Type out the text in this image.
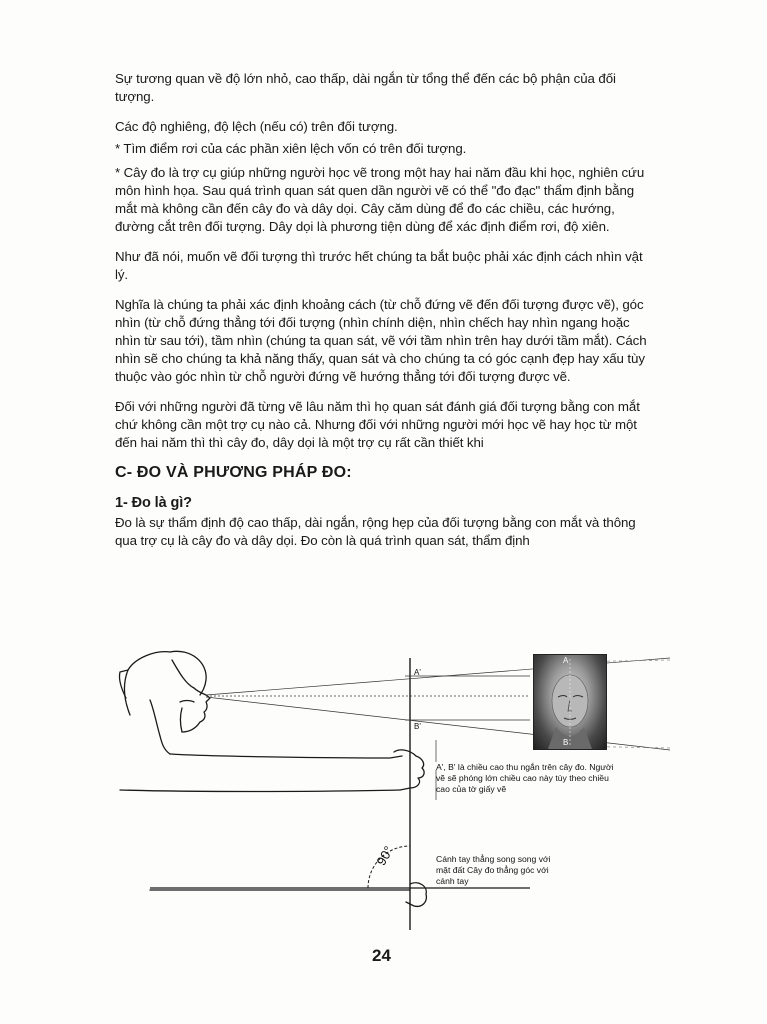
Sự tương quan về độ lớn nhỏ, cao thấp, dài ngắn từ tổng thể đến các bộ phận của đối tượng.

Các độ nghiêng, độ lệch (nếu có) trên đối tượng.

* Tìm điểm rơi của các phần xiên lệch vốn có trên đối tượng.

* Cây đo là trợ cụ giúp những người học vẽ trong một hay hai năm đầu khi học, nghiên cứu môn hình họa. Sau quá trình quan sát quen dần người vẽ có thể "đo đạc" thẩm định bằng mắt mà không cần đến cây đo và dây dọi. Cây căm dùng để đo các chiều, các hướng, đường cắt trên đối tượng. Dây dọi là phương tiện dùng để xác định điểm rơi, độ xiên.

Như đã nói, muốn vẽ đối tượng thì trước hết chúng ta bắt buộc phải xác định cách nhìn vật lý.

Nghĩa là chúng ta phải xác định khoảng cách (từ chỗ đứng vẽ đến đối tượng được vẽ), góc nhìn (từ chỗ đứng thẳng tới đối tượng (nhìn chính diện, nhìn chếch hay nhìn ngang hoặc nhìn từ sau tới), tầm nhìn (chúng ta quan sát, vẽ với tầm nhìn trên hay dưới tầm mắt). Cách nhìn sẽ cho chúng ta khả năng thấy, quan sát và cho chúng ta có góc cạnh đẹp hay xấu tùy thuộc vào góc nhìn từ chỗ người đứng vẽ hướng thẳng tới đối tượng được vẽ.

Đối với những người đã từng vẽ lâu năm thì họ quan sát đánh giá đối tượng bằng con mắt chứ không cần một trợ cụ nào cả. Nhưng đối với những người mới học vẽ hay học từ một đến hai năm thì thì cây đo, dây dọi là một trợ cụ rất cần thiết khi

C- ĐO VÀ PHƯƠNG PHÁP ĐO:
1- Đo là gì?

Đo là sự thẩm định độ cao thấp, dài ngắn, rộng hẹp của đối tượng bằng con mắt và thông qua trợ cụ là cây đo và dây dọi. Đo còn là quá trình quan sát, thẩm định

A'
B'
A
B
90°
A', B' là chiều cao thu ngắn trên cây đo. Người vẽ sẽ phóng lớn chiều cao này tùy theo chiều cao của tờ giấy vẽ
Cánh tay thẳng song song với mặt đất Cây đo thẳng góc với cánh tay
24
